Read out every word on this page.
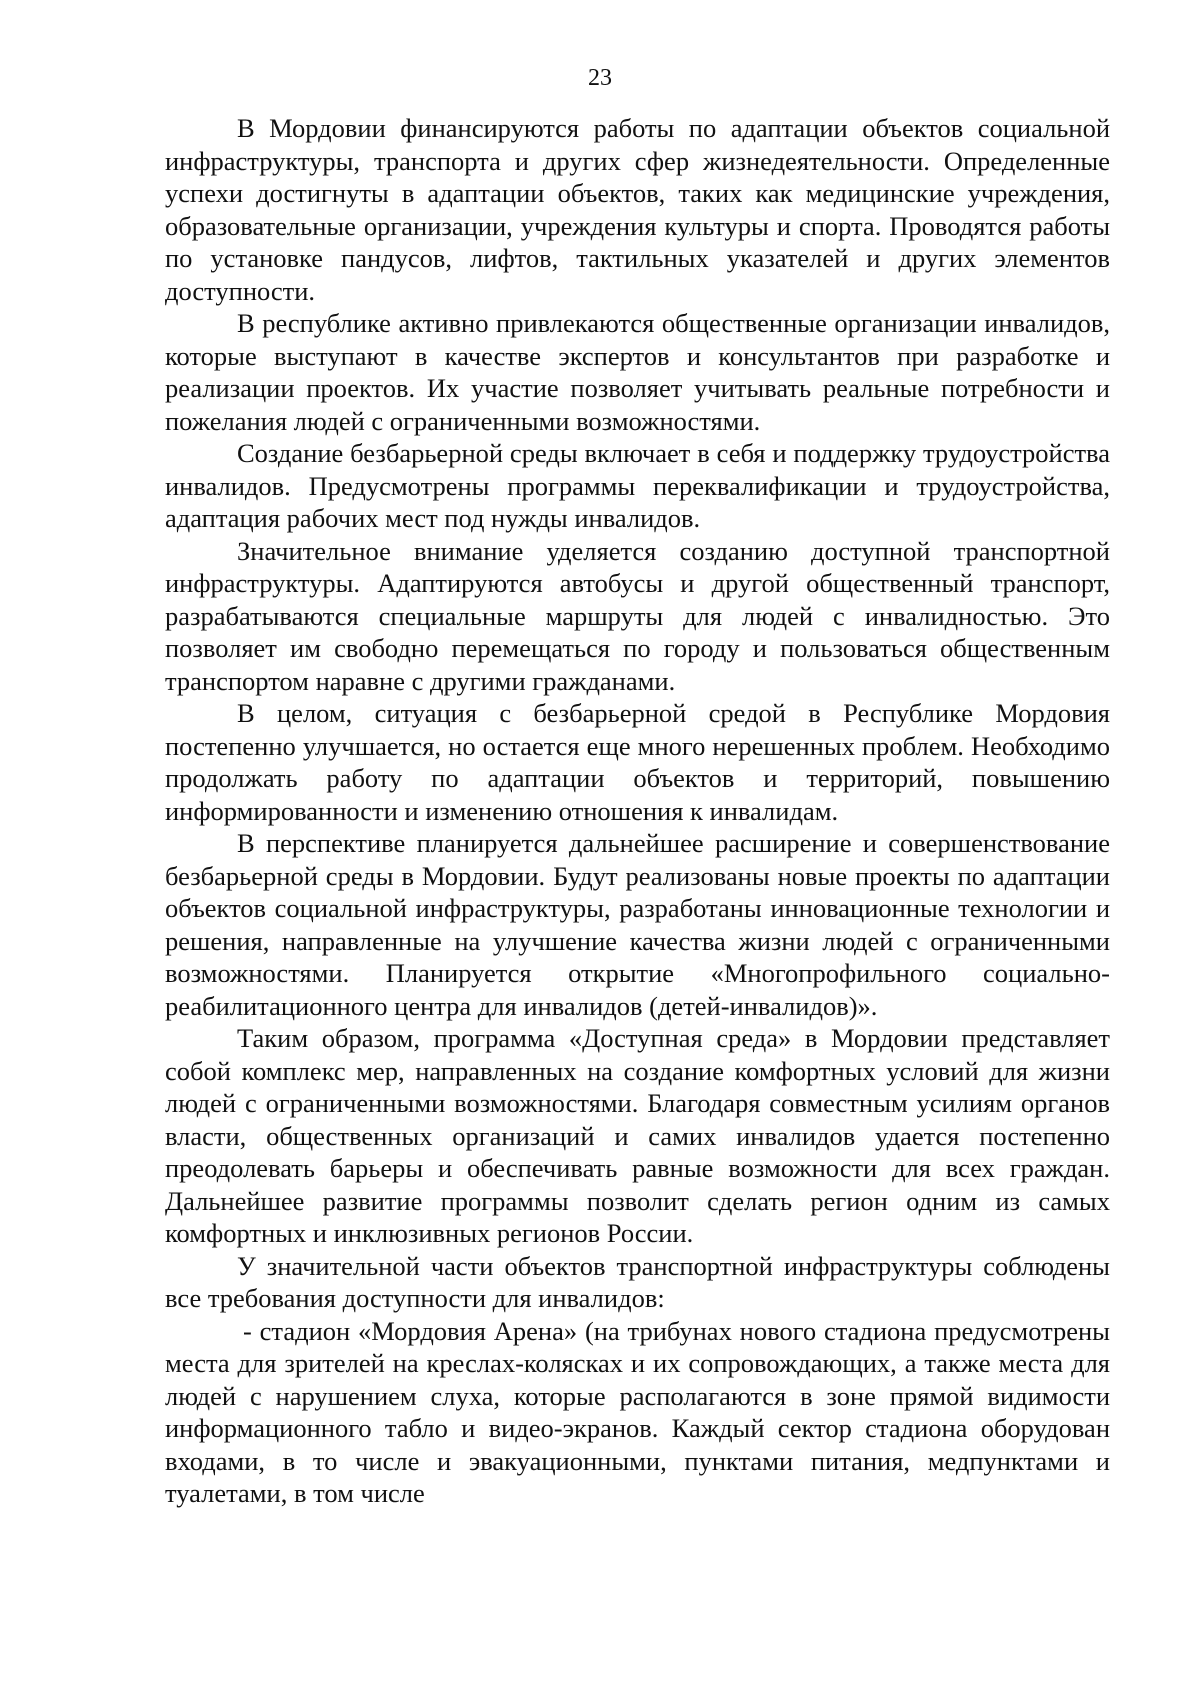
23

В Мордовии финансируются работы по адаптации объектов социальной инфраструктуры, транспорта и других сфер жизнедеятельности. Определенные успехи достигнуты в адаптации объектов, таких как медицинские учреждения, образовательные организации, учреждения культуры и спорта. Проводятся работы по установке пандусов, лифтов, тактильных указателей и других элементов доступности.

В республике активно привлекаются общественные организации инвалидов, которые выступают в качестве экспертов и консультантов при разработке и реализации проектов. Их участие позволяет учитывать реальные потребности и пожелания людей с ограниченными возможностями.

Создание безбарьерной среды включает в себя и поддержку трудоустройства инвалидов. Предусмотрены программы переквалификации и трудоустройства, адаптация рабочих мест под нужды инвалидов.

Значительное внимание уделяется созданию доступной транспортной инфраструктуры. Адаптируются автобусы и другой общественный транспорт, разрабатываются специальные маршруты для людей с инвалидностью. Это позволяет им свободно перемещаться по городу и пользоваться общественным транспортом наравне с другими гражданами.

В целом, ситуация с безбарьерной средой в Республике Мордовия постепенно улучшается, но остается еще много нерешенных проблем. Необходимо продолжать работу по адаптации объектов и территорий, повышению информированности и изменению отношения к инвалидам.

В перспективе планируется дальнейшее расширение и совершенствование безбарьерной среды в Мордовии. Будут реализованы новые проекты по адаптации объектов социальной инфраструктуры, разработаны инновационные технологии и решения, направленные на улучшение качества жизни людей с ограниченными возможностями. Планируется открытие «Многопрофильного социально-реабилитационного центра для инвалидов (детей-инвалидов)».

Таким образом, программа «Доступная среда» в Мордовии представляет собой комплекс мер, направленных на создание комфортных условий для жизни людей с ограниченными возможностями. Благодаря совместным усилиям органов власти, общественных организаций и самих инвалидов удается постепенно преодолевать барьеры и обеспечивать равные возможности для всех граждан. Дальнейшее развитие программы позволит сделать регион одним из самых комфортных и инклюзивных регионов России.

У значительной части объектов транспортной инфраструктуры соблюдены все требования доступности для инвалидов:

- стадион «Мордовия Арена» (на трибунах нового стадиона предусмотрены места для зрителей на креслах-колясках и их сопровождающих, а также места для людей с нарушением слуха, которые располагаются в зоне прямой видимости информационного табло и видео-экранов. Каждый сектор стадиона оборудован входами, в то числе и эвакуационными, пунктами питания, медпунктами и туалетами, в том числе
